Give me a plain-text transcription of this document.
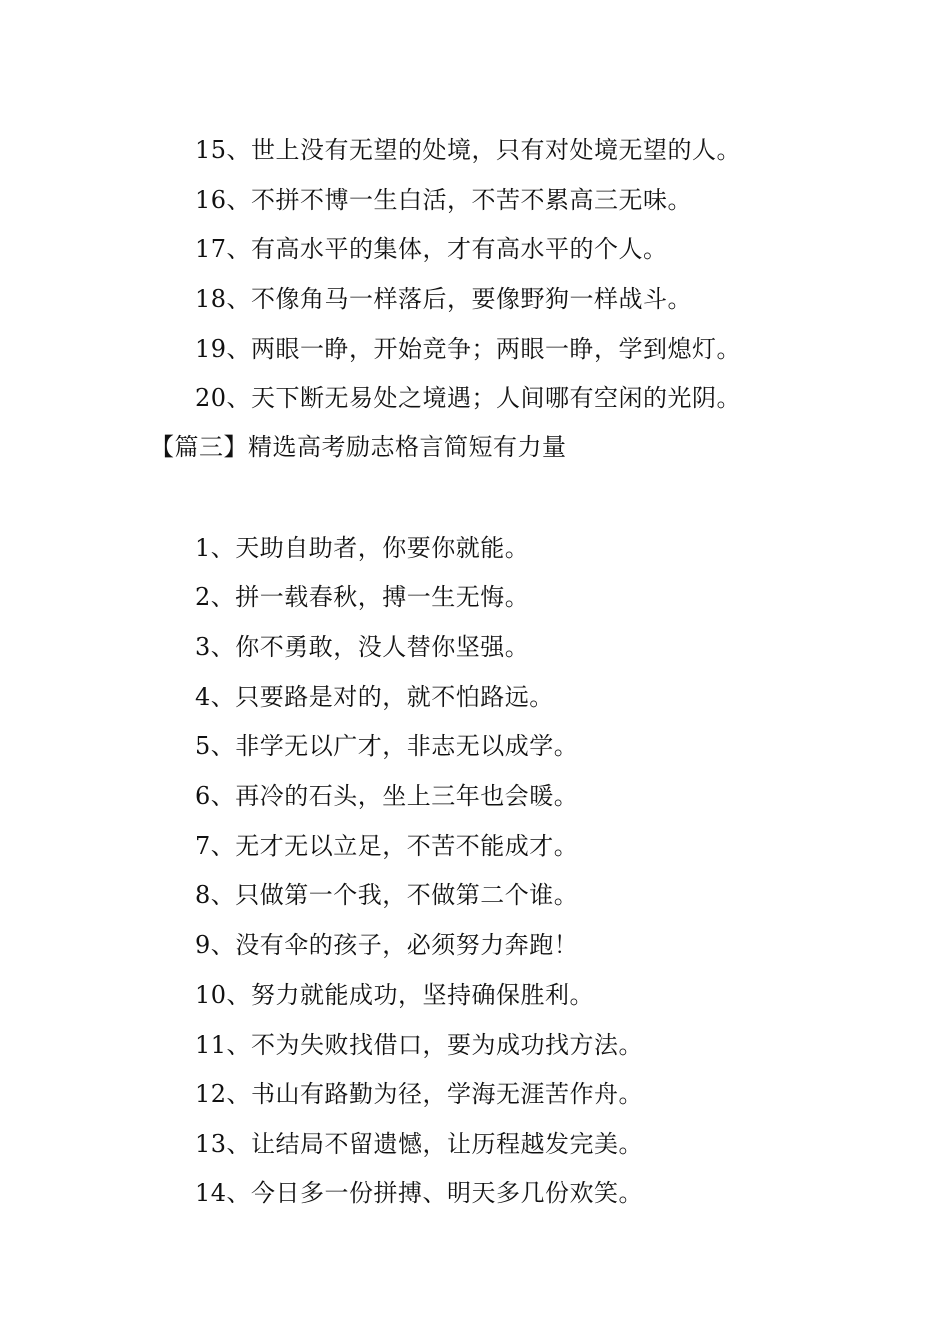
15、世上没有无望的处境，只有对处境无望的人。
16、不拼不博一生白活，不苦不累高三无味。
17、有高水平的集体，才有高水平的个人。
18、不像角马一样落后，要像野狗一样战斗。
19、两眼一睁，开始竞争；两眼一睁，学到熄灯。
20、天下断无易处之境遇；人间哪有空闲的光阴。
【篇三】精选高考励志格言简短有力量
1、天助自助者，你要你就能。
2、拼一载春秋，搏一生无悔。
3、你不勇敢，没人替你坚强。
4、只要路是对的，就不怕路远。
5、非学无以广才，非志无以成学。
6、再冷的石头，坐上三年也会暖。
7、无才无以立足，不苦不能成才。
8、只做第一个我，不做第二个谁。
9、没有伞的孩子，必须努力奔跑！
10、努力就能成功，坚持确保胜利。
11、不为失败找借口，要为成功找方法。
12、书山有路勤为径，学海无涯苦作舟。
13、让结局不留遗憾，让历程越发完美。
14、今日多一份拼搏、明天多几份欢笑。
